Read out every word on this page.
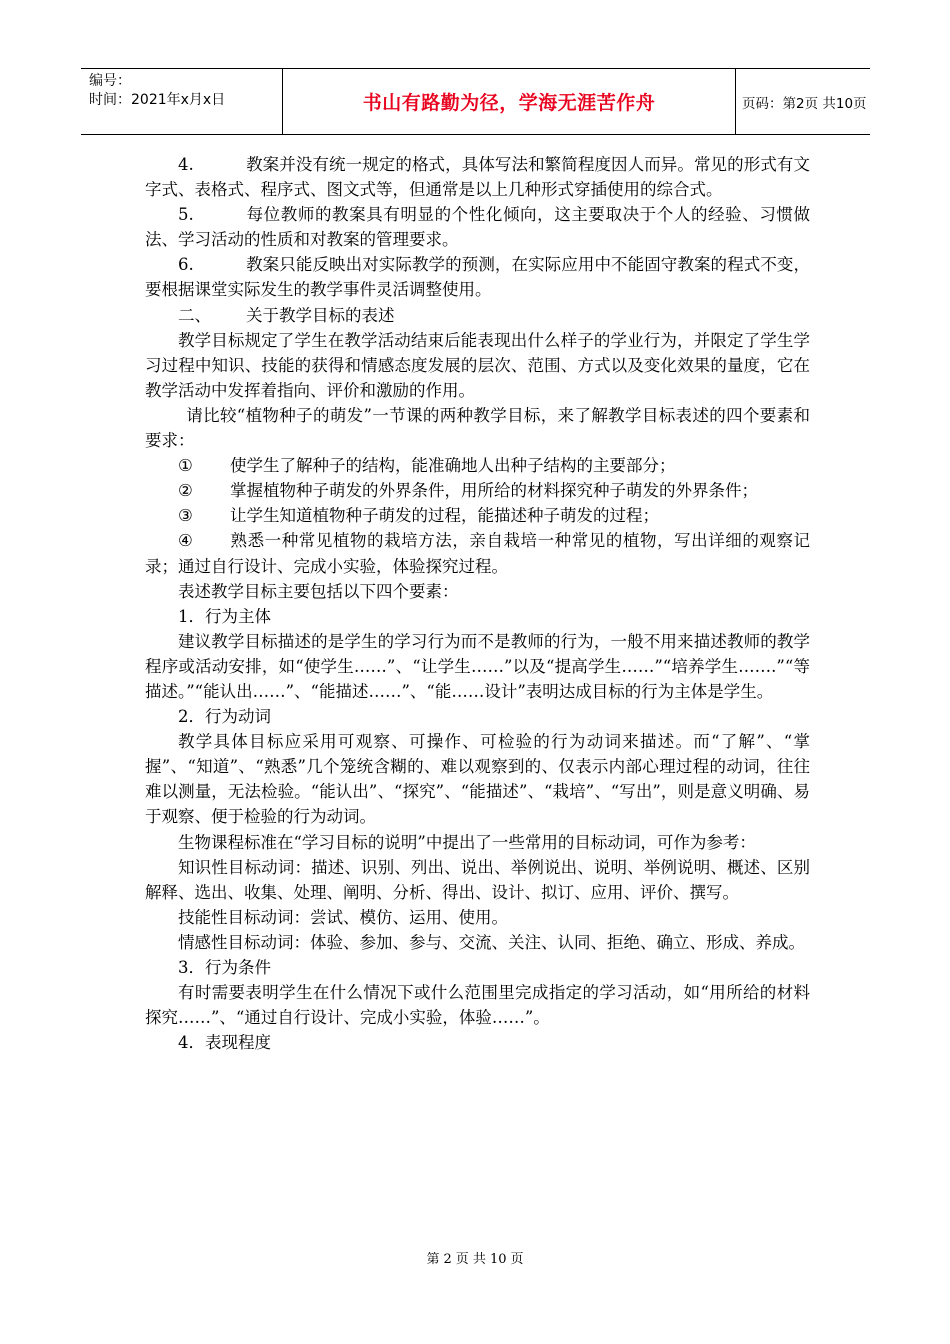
编号：
时间：2021年x月x日	书山有路勤为径，学海无涯苦作舟	页码：第2页 共10页

4.	教案并没有统一规定的格式，具体写法和繁简程度因人而异。常见的形式有文字式、表格式、程序式、图文式等，但通常是以上几种形式穿插使用的综合式。

5.	每位教师的教案具有明显的个性化倾向，这主要取决于个人的经验、习惯做法、学习活动的性质和对教案的管理要求。

6.	教案只能反映出对实际教学的预测，在实际应用中不能固守教案的程式不变，要根据课堂实际发生的教学事件灵活调整使用。

二、 关于教学目标的表述

教学目标规定了学生在教学活动结束后能表现出什么样子的学业行为，并限定了学生学习过程中知识、技能的获得和情感态度发展的层次、范围、方式以及变化效果的量度，它在教学活动中发挥着指向、评价和激励的作用。

请比较“植物种子的萌发”一节课的两种教学目标，来了解教学目标表述的四个要素和要求：

① 使学生了解种子的结构，能准确地人出种子结构的主要部分；

② 掌握植物种子萌发的外界条件，用所给的材料探究种子萌发的外界条件；

③ 让学生知道植物种子萌发的过程，能描述种子萌发的过程；

④ 熟悉一种常见植物的栽培方法，亲自栽培一种常见的植物，写出详细的观察记录；通过自行设计、完成小实验，体验探究过程。

表述教学目标主要包括以下四个要素：

1．行为主体

建议教学目标描述的是学生的学习行为而不是教师的行为，一般不用来描述教师的教学程序或活动安排，如“使学生……”、“让学生……”以及“提高学生……”“培养学生…….”“等描述。”“能认出……”、“能描述……”、“能……设计”表明达成目标的行为主体是学生。

2．行为动词

教学具体目标应采用可观察、可操作、可检验的行为动词来描述。而“了解”、“掌握”、“知道”、“熟悉”几个笼统含糊的、难以观察到的、仅表示内部心理过程的动词，往往难以测量，无法检验。“能认出”、“探究”、“能描述”、“栽培”、“写出”，则是意义明确、易于观察、便于检验的行为动词。

生物课程标准在“学习目标的说明”中提出了一些常用的目标动词，可作为参考：

知识性目标动词：描述、识别、列出、说出、举例说出、说明、举例说明、概述、区别解释、选出、收集、处理、阐明、分析、得出、设计、拟订、应用、评价、撰写。

技能性目标动词：尝试、模仿、运用、使用。

情感性目标动词：体验、参加、参与、交流、关注、认同、拒绝、确立、形成、养成。

3．行为条件

有时需要表明学生在什么情况下或什么范围里完成指定的学习活动，如“用所给的材料探究……”、“通过自行设计、完成小实验，体验……”。

4．表现程度

第 2 页 共 10 页
